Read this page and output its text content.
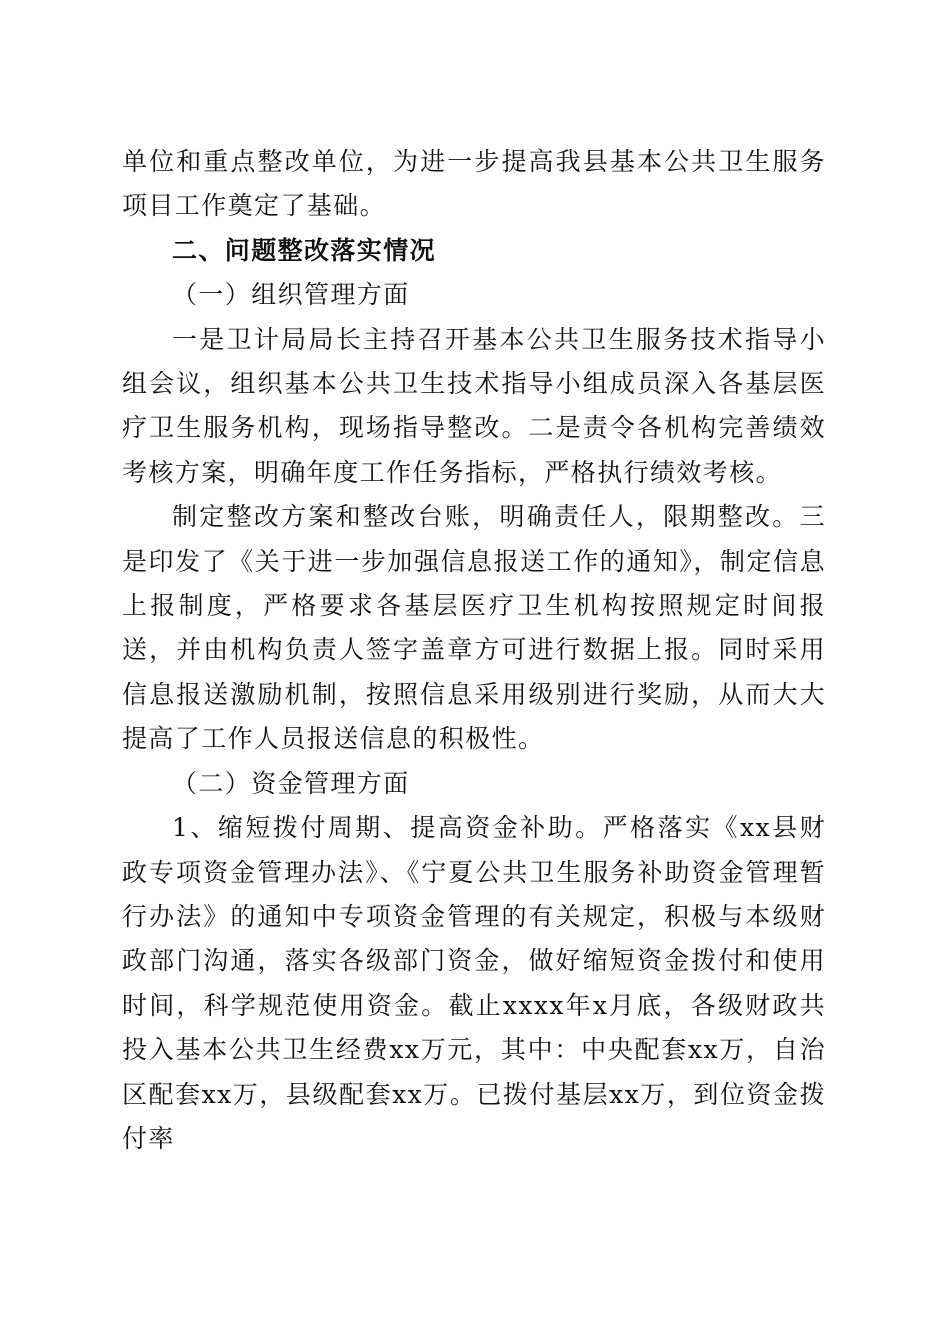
单位和重点整改单位，为进一步提高我县基本公共卫生服务项目工作奠定了基础。

二、问题整改落实情况

（一）组织管理方面

一是卫计局局长主持召开基本公共卫生服务技术指导小组会议，组织基本公共卫生技术指导小组成员深入各基层医疗卫生服务机构，现场指导整改。二是责令各机构完善绩效考核方案，明确年度工作任务指标，严格执行绩效考核。

制定整改方案和整改台账，明确责任人，限期整改。三是印发了《关于进一步加强信息报送工作的通知》，制定信息上报制度，严格要求各基层医疗卫生机构按照规定时间报送，并由机构负责人签字盖章方可进行数据上报。同时采用信息报送激励机制，按照信息采用级别进行奖励，从而大大提高了工作人员报送信息的积极性。

（二）资金管理方面

1、缩短拨付周期、提高资金补助。严格落实《xx县财政专项资金管理办法》、《宁夏公共卫生服务补助资金管理暂行办法》的通知中专项资金管理的有关规定，积极与本级财政部门沟通，落实各级部门资金，做好缩短资金拨付和使用时间，科学规范使用资金。截止xxxx年x月底，各级财政共投入基本公共卫生经费xx万元，其中：中央配套xx万，自治区配套xx万，县级配套xx万。已拨付基层xx万，到位资金拨付率
